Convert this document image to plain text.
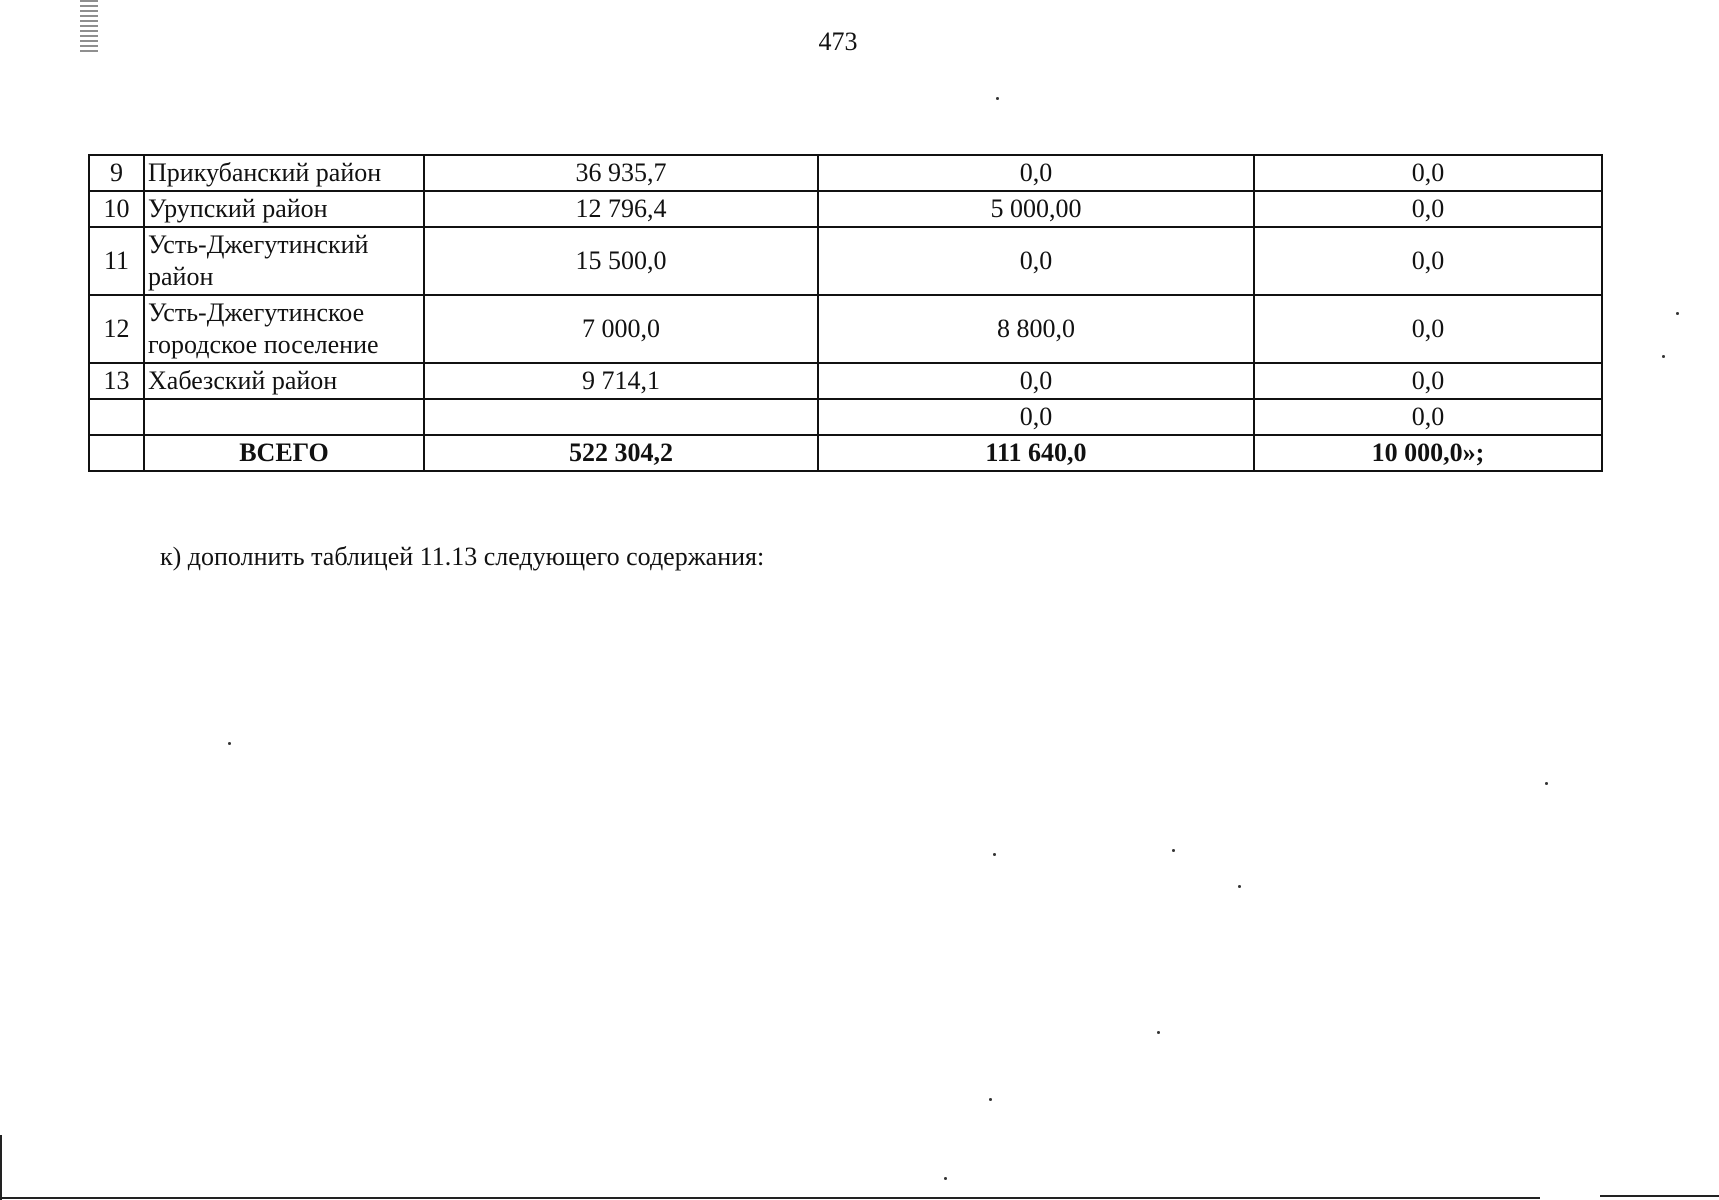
473
9	Прикубанский район	36 935,7	0,0	0,0
10	Урупский район	12 796,4	5 000,00	0,0
11	Усть-Джегутинский район	15 500,0	0,0	0,0
12	Усть-Джегутинское городское поселение	7 000,0	8 800,0	0,0
13	Хабезский район	9 714,1	0,0	0,0
			0,0	0,0
	ВСЕГО	522 304,2	111 640,0	10 000,0»;
к) дополнить таблицей 11.13 следующего содержания:
